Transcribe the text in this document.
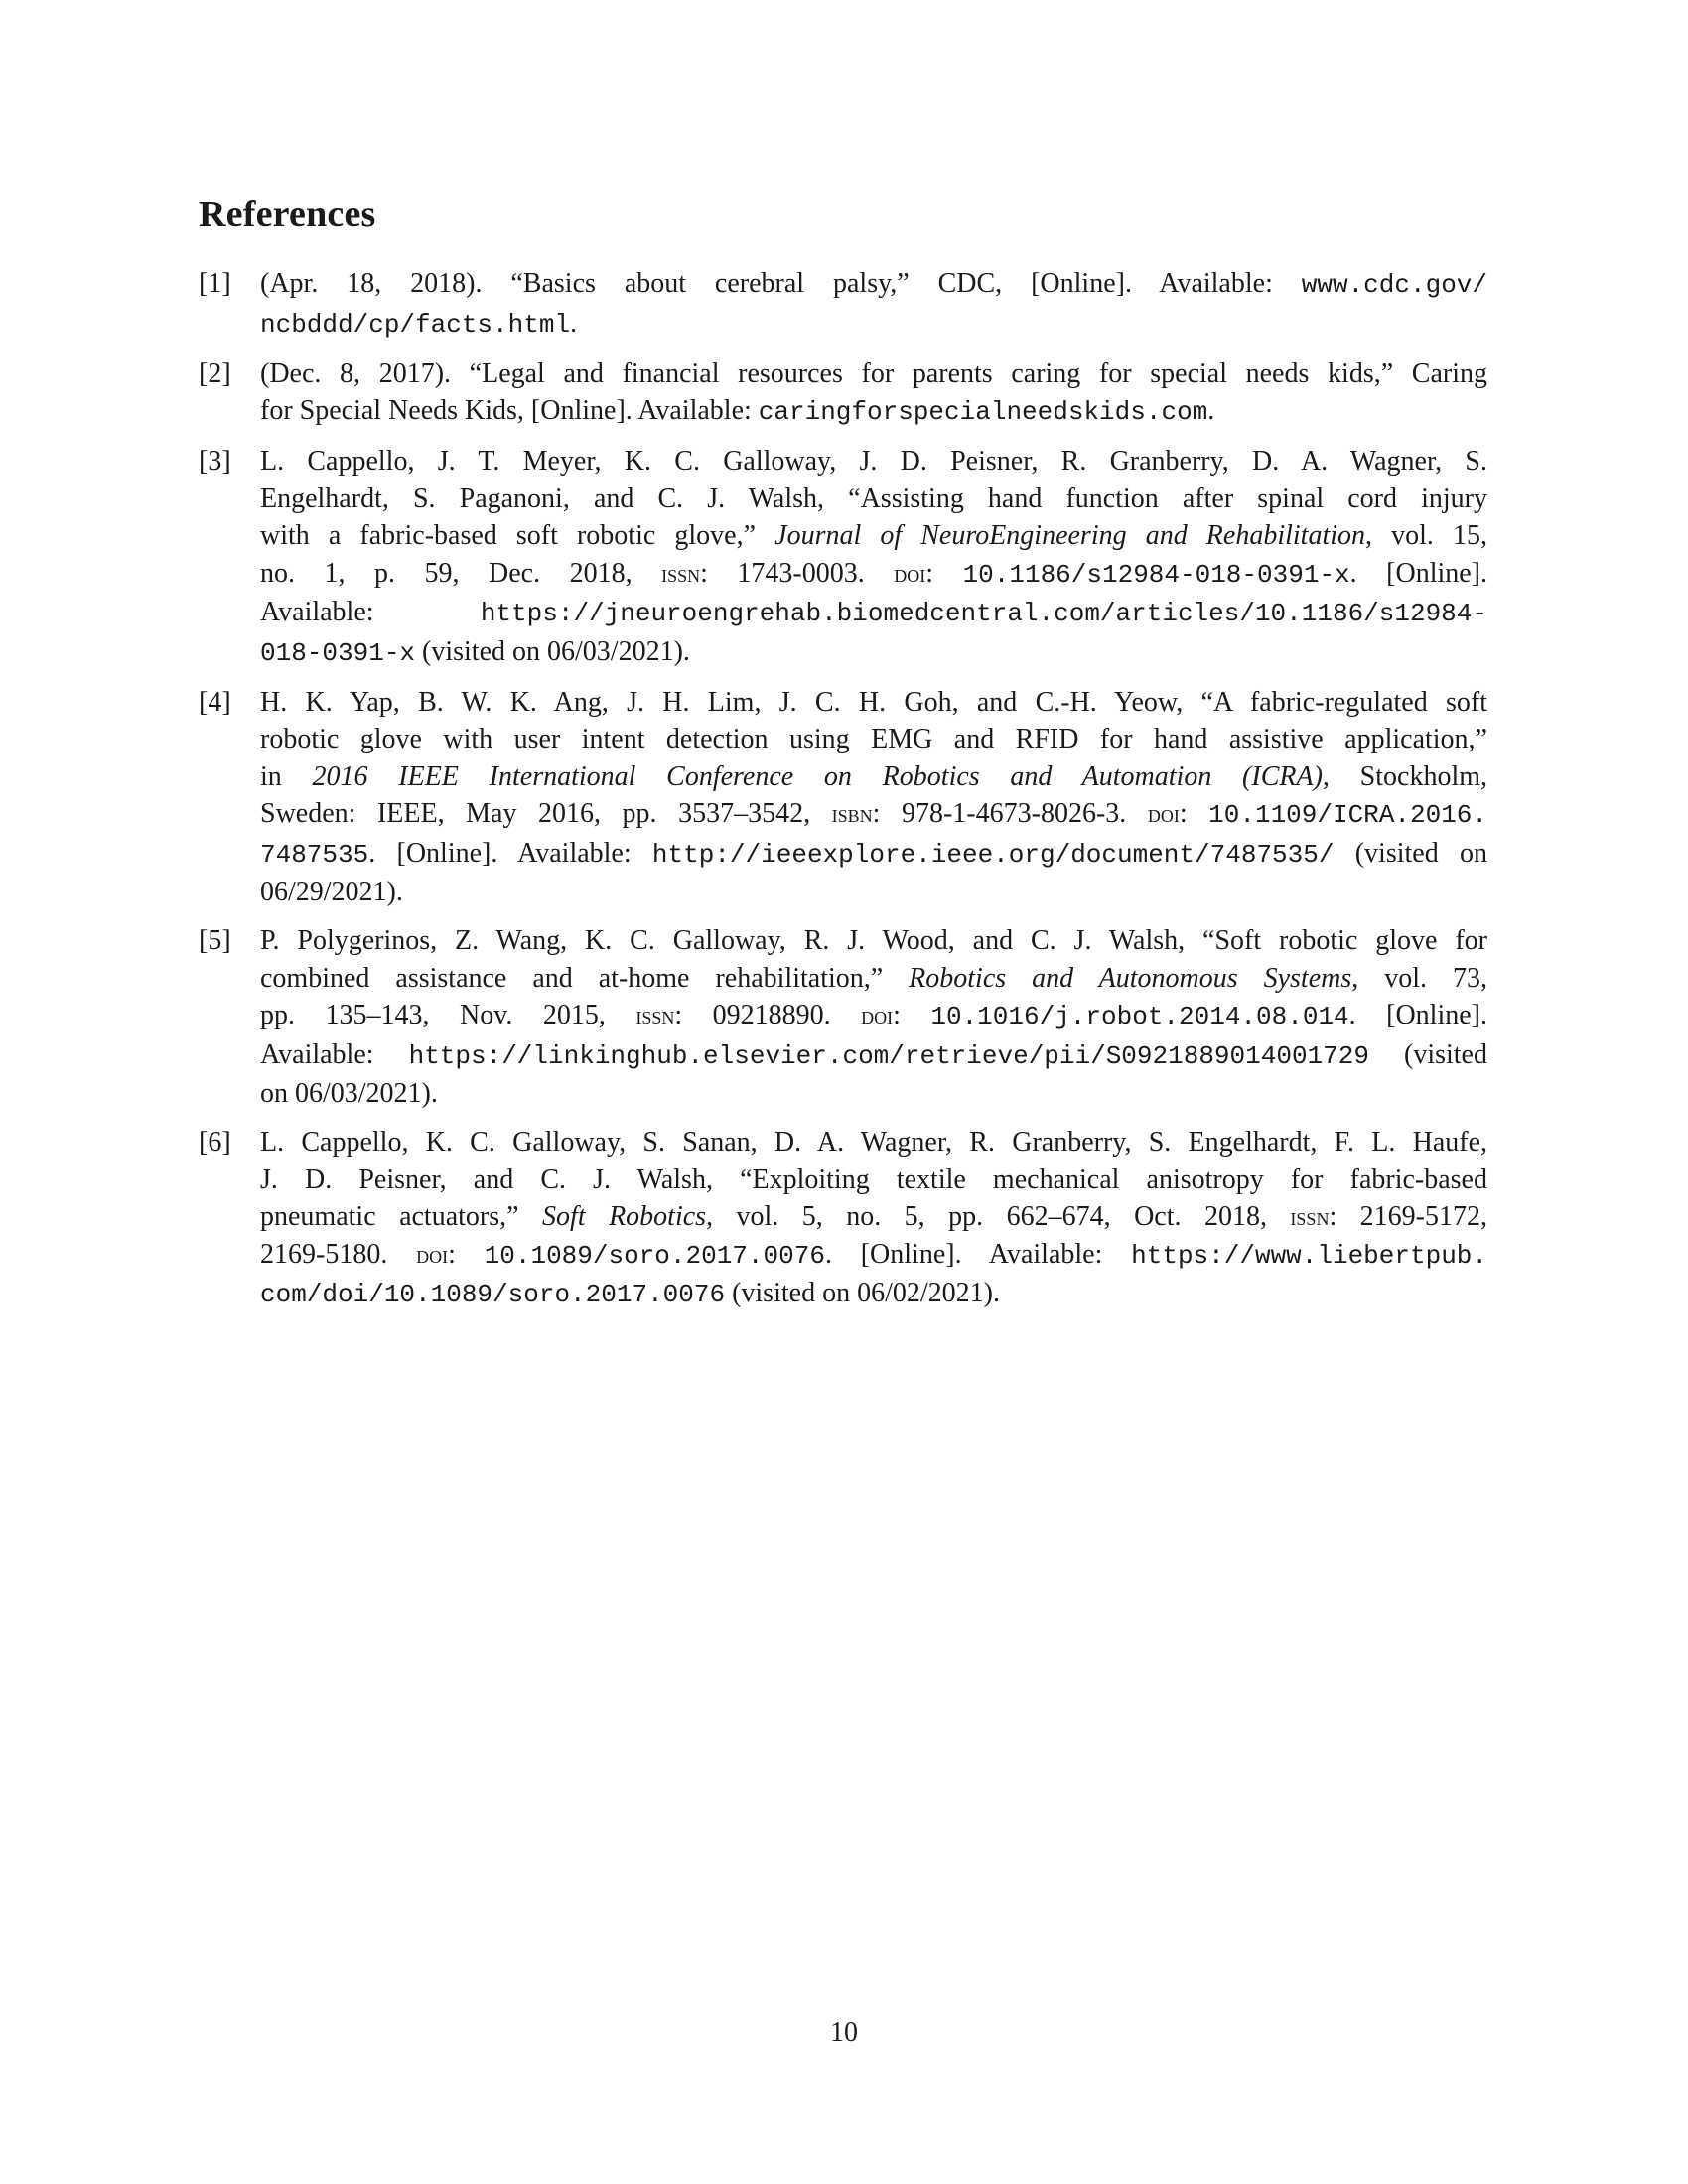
References
[1] (Apr. 18, 2018). “Basics about cerebral palsy,” CDC, [Online]. Available: www.cdc.gov/
ncbddd/cp/facts.html.
[2] (Dec. 8, 2017). “Legal and financial resources for parents caring for special needs kids,” Caring
for Special Needs Kids, [Online]. Available: caringforspecialneedskids.com.
[3] L. Cappello, J. T. Meyer, K. C. Galloway, J. D. Peisner, R. Granberry, D. A. Wagner, S.
Engelhardt, S. Paganoni, and C. J. Walsh, “Assisting hand function after spinal cord injury
with a fabric-based soft robotic glove,” Journal of NeuroEngineering and Rehabilitation, vol. 15,
no. 1, p. 59, Dec. 2018, issn: 1743-0003. doi: 10.1186/s12984-018-0391-x. [Online].
Available: https://jneuroengrehab.biomedcentral.com/articles/10.1186/s12984-
018-0391-x (visited on 06/03/2021).
[4] H. K. Yap, B. W. K. Ang, J. H. Lim, J. C. H. Goh, and C.-H. Yeow, “A fabric-regulated soft
robotic glove with user intent detection using EMG and RFID for hand assistive application,”
in 2016 IEEE International Conference on Robotics and Automation (ICRA), Stockholm,
Sweden: IEEE, May 2016, pp. 3537–3542, isbn: 978-1-4673-8026-3. doi: 10.1109/ICRA.2016.
7487535. [Online]. Available: http://ieeexplore.ieee.org/document/7487535/ (visited on
06/29/2021).
[5] P. Polygerinos, Z. Wang, K. C. Galloway, R. J. Wood, and C. J. Walsh, “Soft robotic glove for
combined assistance and at-home rehabilitation,” Robotics and Autonomous Systems, vol. 73,
pp. 135–143, Nov. 2015, issn: 09218890. doi: 10.1016/j.robot.2014.08.014. [Online].
Available: https://linkinghub.elsevier.com/retrieve/pii/S0921889014001729 (visited
on 06/03/2021).
[6] L. Cappello, K. C. Galloway, S. Sanan, D. A. Wagner, R. Granberry, S. Engelhardt, F. L. Haufe,
J. D. Peisner, and C. J. Walsh, “Exploiting textile mechanical anisotropy for fabric-based
pneumatic actuators,” Soft Robotics, vol. 5, no. 5, pp. 662–674, Oct. 2018, issn: 2169-5172,
2169-5180. doi: 10.1089/soro.2017.0076. [Online]. Available: https://www.liebertpub.
com/doi/10.1089/soro.2017.0076 (visited on 06/02/2021).
10
